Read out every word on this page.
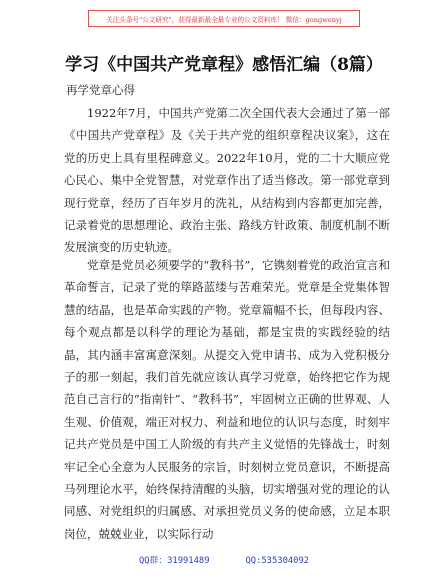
关注头条号"公文研究"，获得最新最全最专业的公文资料库！ 微信：gongwenyj
学习《中国共产党章程》感悟汇编（8篇）
再学党章心得

1922年7月，中国共产党第二次全国代表大会通过了第一部《中国共产党章程》及《关于共产党的组织章程决议案》，这在党的历史上具有里程碑意义。2022年10月，党的二十大顺应党心民心、集中全党智慧，对党章作出了适当修改。第一部党章到现行党章，经历了百年岁月的洗礼，从结构到内容都更加完善，记录着党的思想理论、政治主张、路线方针政策、制度机制不断发展演变的历史轨迹。

党章是党员必须要学的“教科书”，它镌刻着党的政治宣言和革命誓言，记录了党的筚路蓝缕与苦难荣光。党章是全党集体智慧的结晶，也是革命实践的产物。党章篇幅不长，但每段内容、每个观点都是以科学的理论为基础，都是宝贵的实践经验的结晶，其内涵丰富寓意深刻。从提交入党申请书、成为入党积极分子的那一刻起，我们首先就应该认真学习党章，始终把它作为规范自己言行的“指南针”、“教科书”，牢固树立正确的世界观、人生观、价值观，端正对权力、利益和地位的认识与态度，时刻牢记共产党员是中国工人阶级的有共产主义觉悟的先锋战士，时刻牢记全心全意为人民服务的宗旨，时刻树立党员意识，不断提高马列理论水平，始终保持清醒的头脑，切实增强对党的理论的认同感、对党组织的归属感、对承担党员义务的使命感，立足本职岗位，兢兢业业，以实际行动

QQ群：31991489	QQ:535304092
